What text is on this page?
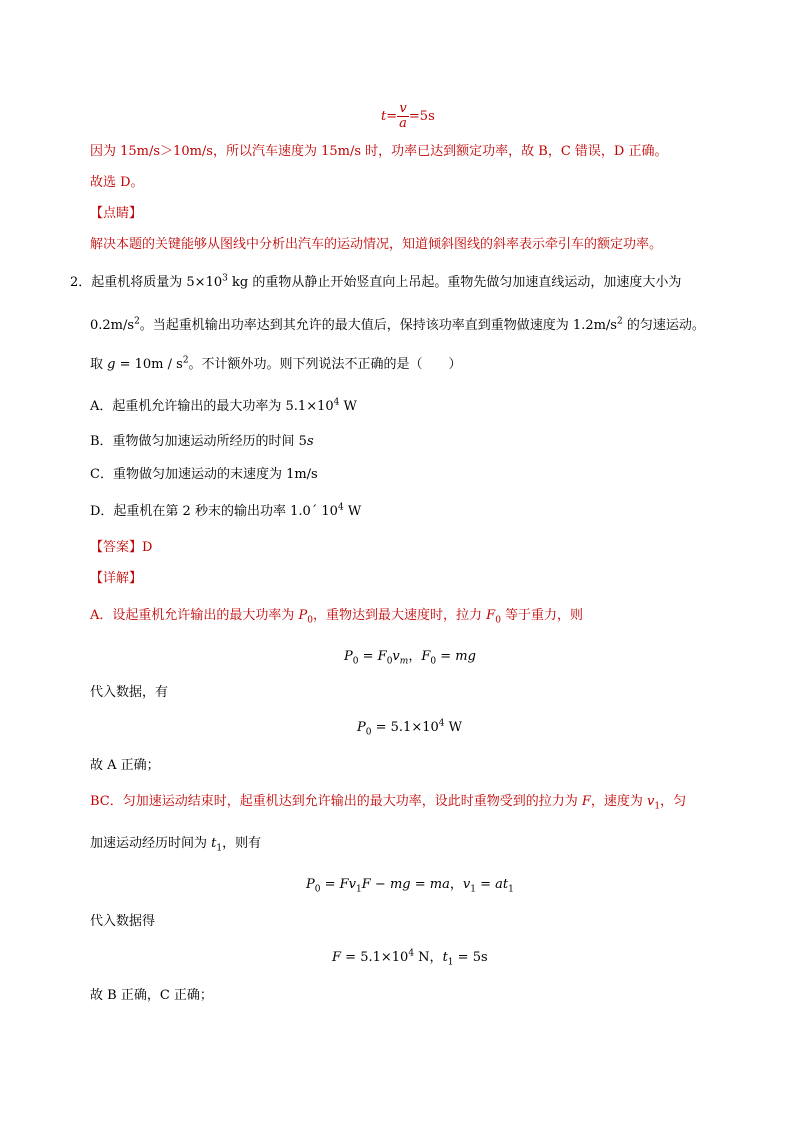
$t= \frac{v}{a} =5s$
因为 15m/s＞10m/s，所以汽车速度为 15m/s 时，功率已达到额定功率，故 B，C 错误，D 正确。
故选 D。
【点睛】
解决本题的关键能够从图线中分析出汽车的运动情况，知道倾斜图线的斜率表示牵引车的额定功率。
2．起重机将质量为 $5\times 10^3$ kg 的重物从静止开始竖直向上吊起。重物先做匀加速直线运动，加速度大小为
$0.2m/s^2$。当起重机输出功率达到其允许的最大值后，保持该功率直到重物做速度为 $1.2m/s^2$ 的匀速运动。
取 $g = 10m / s^2$。不计额外功。则下列说法不正确的是（　　）
A．起重机允许输出的最大功率为 $5.1\times 10^4$ W
B．重物做匀加速运动所经历的时间 5s
C．重物做匀加速运动的末速度为 1m/s
D．起重机在第 2 秒末的输出功率 1.0´ $10^4$ W
【答案】D
【详解】
A．设起重机允许输出的最大功率为 $P_0$，重物达到最大速度时，拉力 $F_0$ 等于重力，则
$P_0 = F_0v_m$，$F_0$ = mg
代入数据，有
$P_0 = 5.1\times 10^4$ W
故 A 正确；
BC．匀加速运动结束时，起重机达到允许输出的最大功率，设此时重物受到的拉力为 F，速度为 $v_1$，匀
加速运动经历时间为 $t_1$，则有
$P_0 = Fv_1F$ − mg = ma，$v_1 = at_1$
代入数据得
$F = 5.1\times 10^4$ N，$t_1 = 5s$
故 B 正确，C 正确；
